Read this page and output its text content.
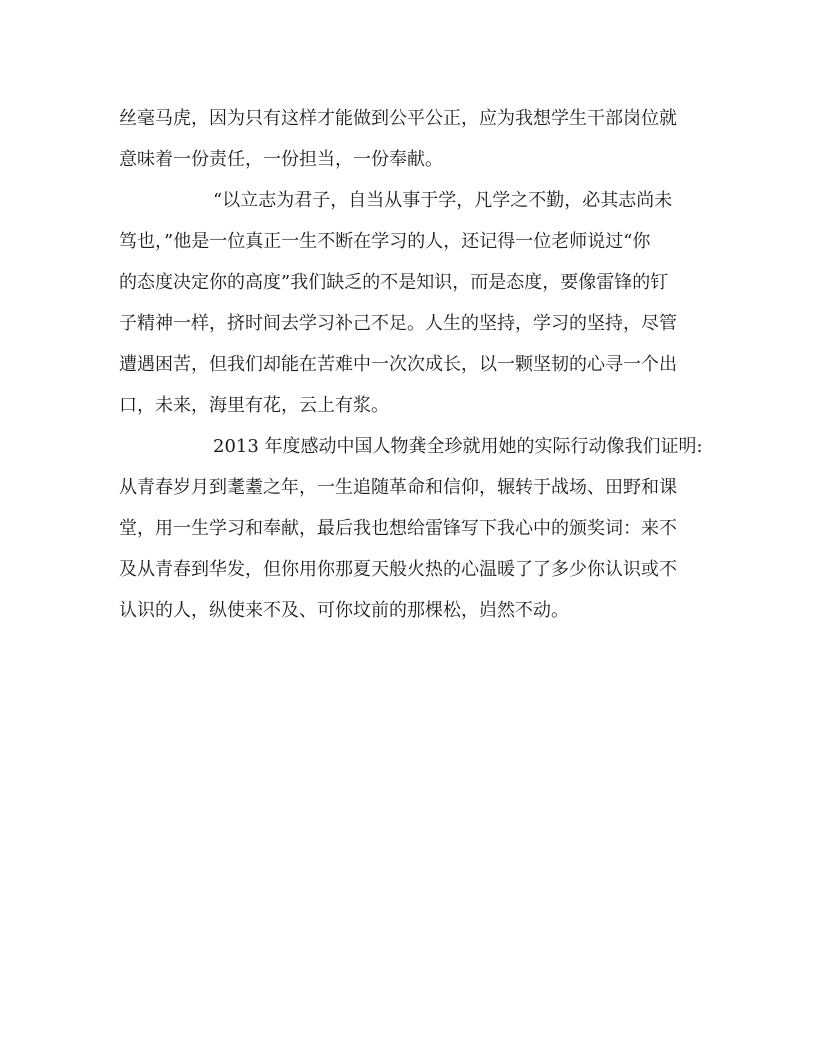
丝毫马虎，因为只有这样才能做到公平公正，应为我想学生干部岗位就
意味着一份责任，一份担当，一份奉献。
“以立志为君子，自当从事于学，凡学之不勤，必其志尚未
笃也，”他是一位真正一生不断在学习的人，还记得一位老师说过“你
的态度决定你的高度”我们缺乏的不是知识，而是态度，要像雷锋的钉
子精神一样，挤时间去学习补己不足。人生的坚持，学习的坚持，尽管
遭遇困苦，但我们却能在苦难中一次次成长，以一颗坚韧的心寻一个出
口，未来，海里有花，云上有浆。
2013 年度感动中国人物龚全珍就用她的实际行动像我们证明:
从青春岁月到耄耋之年，一生追随革命和信仰，辗转于战场、田野和课
堂，用一生学习和奉献，最后我也想给雷锋写下我心中的颁奖词：来不
及从青春到华发，但你用你那夏天般火热的心温暖了了多少你认识或不
认识的人，纵使来不及、可你坟前的那棵松，岿然不动。
